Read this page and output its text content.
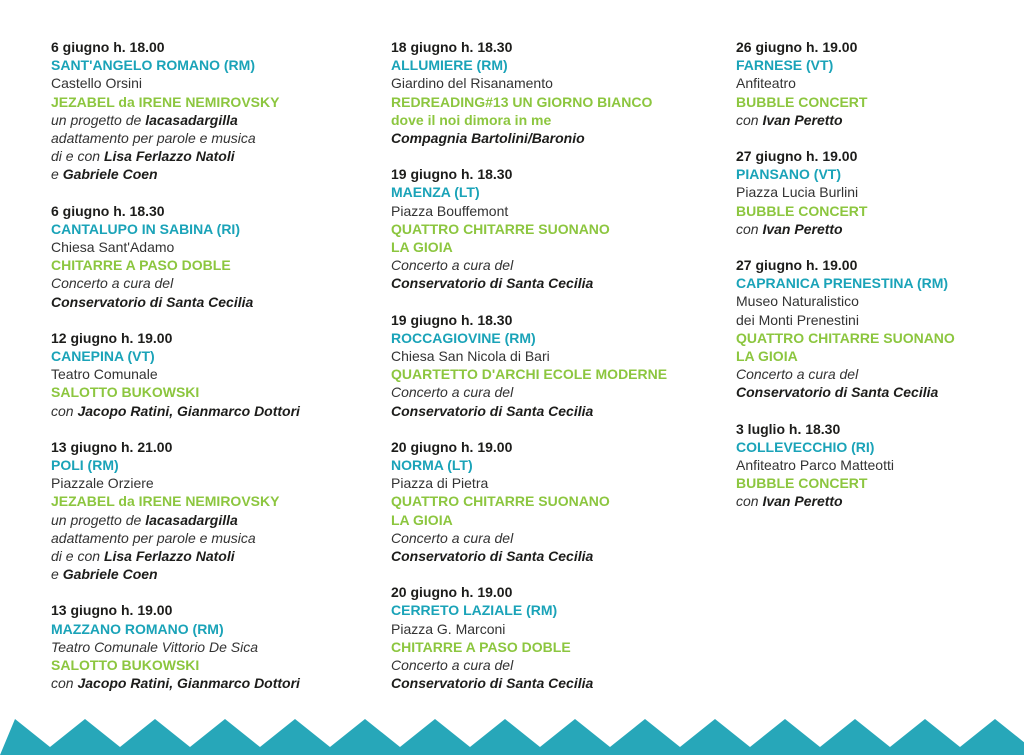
6 giugno h. 18.00
SANT'ANGELO ROMANO (RM)
Castello Orsini
JEZABEL da IRENE NEMIROVSKY
un progetto de lacasadargilla
adattamento per parole e musica
di e con Lisa Ferlazzo Natoli
e Gabriele Coen
6 giugno h. 18.30
CANTALUPO IN SABINA (RI)
Chiesa Sant'Adamo
CHITARRE A PASO DOBLE
Concerto a cura del
Conservatorio di Santa Cecilia
12 giugno h. 19.00
CANEPINA (VT)
Teatro Comunale
SALOTTO BUKOWSKI
con Jacopo Ratini, Gianmarco Dottori
13 giugno h. 21.00
POLI (RM)
Piazzale Orziere
JEZABEL da IRENE NEMIROVSKY
un progetto de lacasadargilla
adattamento per parole e musica
di e con Lisa Ferlazzo Natoli
e Gabriele Coen
13 giugno h. 19.00
MAZZANO ROMANO (RM)
Teatro Comunale Vittorio De Sica
SALOTTO BUKOWSKI
con Jacopo Ratini, Gianmarco Dottori
18 giugno h. 18.30
ALLUMIERE (RM)
Giardino del Risanamento
REDREADING#13 UN GIORNO BIANCO
dove il noi dimora in me
Compagnia Bartolini/Baronio
19 giugno h. 18.30
MAENZA (LT)
Piazza Bouffemont
QUATTRO CHITARRE SUONANO
LA GIOIA
Concerto a cura del
Conservatorio di Santa Cecilia
19 giugno h. 18.30
ROCCAGIOVINE (RM)
Chiesa San Nicola di Bari
QUARTETTO D'ARCHI ECOLE MODERNE
Concerto a cura del
Conservatorio di Santa Cecilia
20 giugno h. 19.00
NORMA (LT)
Piazza di Pietra
QUATTRO CHITARRE SUONANO
LA GIOIA
Concerto a cura del
Conservatorio di Santa Cecilia
20 giugno h. 19.00
CERRETO LAZIALE (RM)
Piazza G. Marconi
CHITARRE A PASO DOBLE
Concerto a cura del
Conservatorio di Santa Cecilia
26 giugno h. 19.00
FARNESE (VT)
Anfiteatro
BUBBLE CONCERT
con Ivan Peretto
27 giugno h. 19.00
PIANSANO (VT)
Piazza Lucia Burlini
BUBBLE CONCERT
con Ivan Peretto
27 giugno h. 19.00
CAPRANICA PRENESTINA (RM)
Museo Naturalistico
dei Monti Prenestini
QUATTRO CHITARRE SUONANO
LA GIOIA
Concerto a cura del
Conservatorio di Santa Cecilia
3 luglio h. 18.30
COLLEVECCHIO (RI)
Anfiteatro Parco Matteotti
BUBBLE CONCERT
con Ivan Peretto
